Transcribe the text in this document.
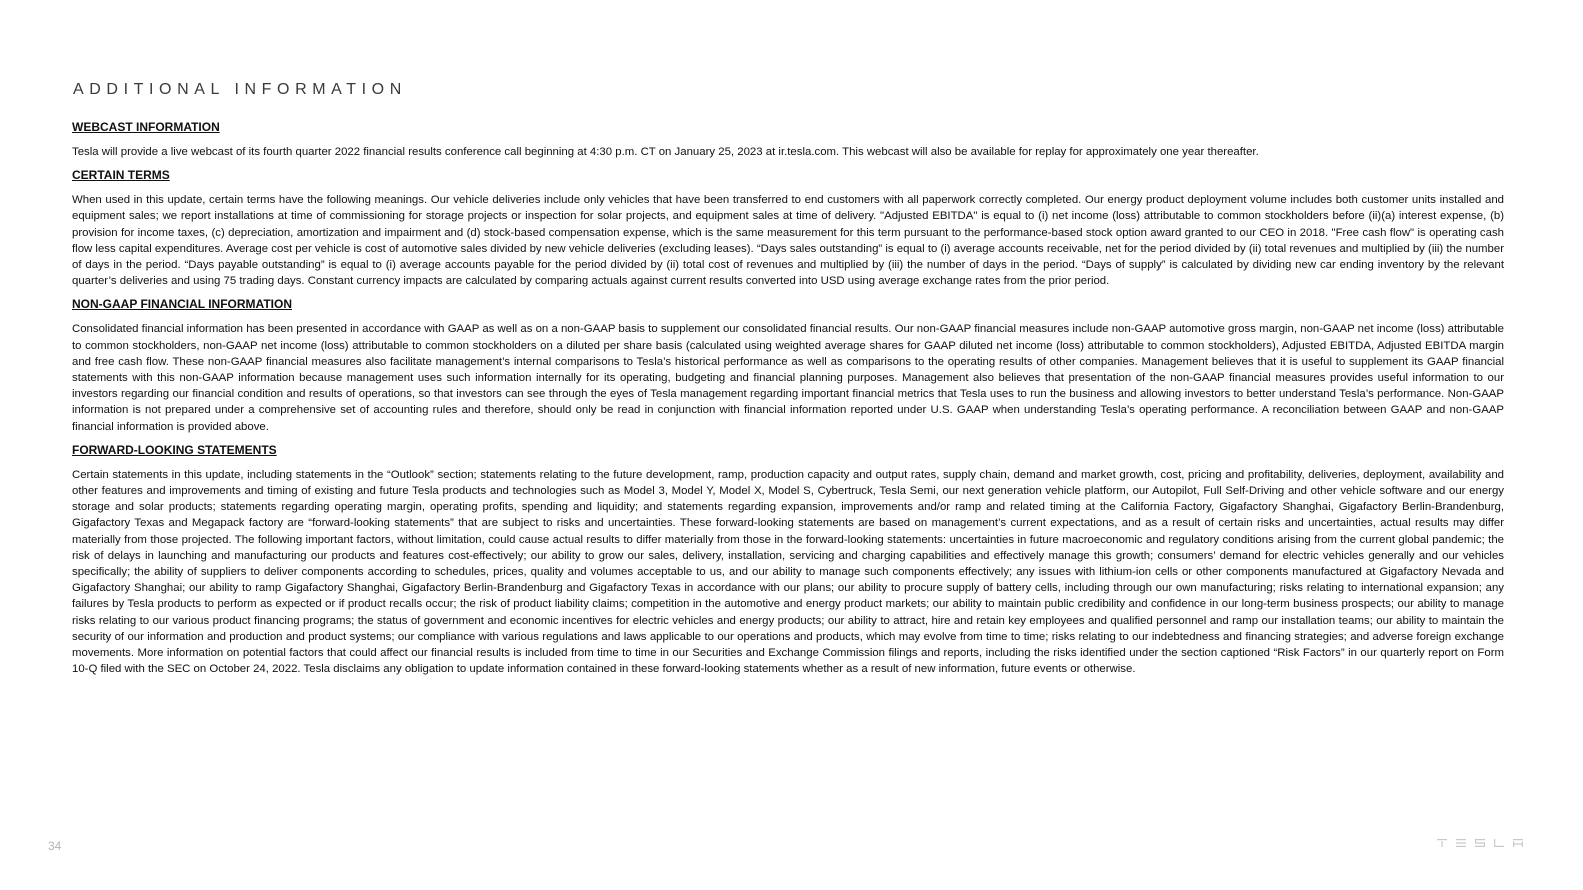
ADDITIONAL INFORMATION
WEBCAST INFORMATION

Tesla will provide a live webcast of its fourth quarter 2022 financial results conference call beginning at 4:30 p.m. CT on January 25, 2023 at ir.tesla.com. This webcast will also be available for replay for approximately one year thereafter.

CERTAIN TERMS

When used in this update, certain terms have the following meanings. Our vehicle deliveries include only vehicles that have been transferred to end customers with all paperwork correctly completed. Our energy product deployment volume includes both customer units installed and equipment sales; we report installations at time of commissioning for storage projects or inspection for solar projects, and equipment sales at time of delivery. "Adjusted EBITDA" is equal to (i) net income (loss) attributable to common stockholders before (ii)(a) interest expense, (b) provision for income taxes, (c) depreciation, amortization and impairment and (d) stock-based compensation expense, which is the same measurement for this term pursuant to the performance-based stock option award granted to our CEO in 2018. "Free cash flow" is operating cash flow less capital expenditures. Average cost per vehicle is cost of automotive sales divided by new vehicle deliveries (excluding leases). “Days sales outstanding” is equal to (i) average accounts receivable, net for the period divided by (ii) total revenues and multiplied by (iii) the number of days in the period. “Days payable outstanding” is equal to (i) average accounts payable for the period divided by (ii) total cost of revenues and multiplied by (iii) the number of days in the period. “Days of supply” is calculated by dividing new car ending inventory by the relevant quarter’s deliveries and using 75 trading days. Constant currency impacts are calculated by comparing actuals against current results converted into USD using average exchange rates from the prior period.

NON-GAAP FINANCIAL INFORMATION

Consolidated financial information has been presented in accordance with GAAP as well as on a non-GAAP basis to supplement our consolidated financial results. Our non-GAAP financial measures include non-GAAP automotive gross margin, non-GAAP net income (loss) attributable to common stockholders, non-GAAP net income (loss) attributable to common stockholders on a diluted per share basis (calculated using weighted average shares for GAAP diluted net income (loss) attributable to common stockholders), Adjusted EBITDA, Adjusted EBITDA margin and free cash flow. These non-GAAP financial measures also facilitate management’s internal comparisons to Tesla’s historical performance as well as comparisons to the operating results of other companies. Management believes that it is useful to supplement its GAAP financial statements with this non-GAAP information because management uses such information internally for its operating, budgeting and financial planning purposes. Management also believes that presentation of the non-GAAP financial measures provides useful information to our investors regarding our financial condition and results of operations, so that investors can see through the eyes of Tesla management regarding important financial metrics that Tesla uses to run the business and allowing investors to better understand Tesla’s performance. Non-GAAP information is not prepared under a comprehensive set of accounting rules and therefore, should only be read in conjunction with financial information reported under U.S. GAAP when understanding Tesla’s operating performance. A reconciliation between GAAP and non-GAAP financial information is provided above.

FORWARD-LOOKING STATEMENTS

Certain statements in this update, including statements in the “Outlook” section; statements relating to the future development, ramp, production capacity and output rates, supply chain, demand and market growth, cost, pricing and profitability, deliveries, deployment, availability and other features and improvements and timing of existing and future Tesla products and technologies such as Model 3, Model Y, Model X, Model S, Cybertruck, Tesla Semi, our next generation vehicle platform, our Autopilot, Full Self-Driving and other vehicle software and our energy storage and solar products; statements regarding operating margin, operating profits, spending and liquidity; and statements regarding expansion, improvements and/or ramp and related timing at the California Factory, Gigafactory Shanghai, Gigafactory Berlin-Brandenburg, Gigafactory Texas and Megapack factory are “forward-looking statements” that are subject to risks and uncertainties. These forward-looking statements are based on management’s current expectations, and as a result of certain risks and uncertainties, actual results may differ materially from those projected. The following important factors, without limitation, could cause actual results to differ materially from those in the forward-looking statements: uncertainties in future macroeconomic and regulatory conditions arising from the current global pandemic; the risk of delays in launching and manufacturing our products and features cost-effectively; our ability to grow our sales, delivery, installation, servicing and charging capabilities and effectively manage this growth; consumers’ demand for electric vehicles generally and our vehicles specifically; the ability of suppliers to deliver components according to schedules, prices, quality and volumes acceptable to us, and our ability to manage such components effectively; any issues with lithium-ion cells or other components manufactured at Gigafactory Nevada and Gigafactory Shanghai; our ability to ramp Gigafactory Shanghai, Gigafactory Berlin-Brandenburg and Gigafactory Texas in accordance with our plans; our ability to procure supply of battery cells, including through our own manufacturing; risks relating to international expansion; any failures by Tesla products to perform as expected or if product recalls occur; the risk of product liability claims; competition in the automotive and energy product markets; our ability to maintain public credibility and confidence in our long-term business prospects; our ability to manage risks relating to our various product financing programs; the status of government and economic incentives for electric vehicles and energy products; our ability to attract, hire and retain key employees and qualified personnel and ramp our installation teams; our ability to maintain the security of our information and production and product systems; our compliance with various regulations and laws applicable to our operations and products, which may evolve from time to time; risks relating to our indebtedness and financing strategies; and adverse foreign exchange movements. More information on potential factors that could affect our financial results is included from time to time in our Securities and Exchange Commission filings and reports, including the risks identified under the section captioned “Risk Factors” in our quarterly report on Form 10-Q filed with the SEC on October 24, 2022. Tesla disclaims any obligation to update information contained in these forward-looking statements whether as a result of new information, future events or otherwise.

34
